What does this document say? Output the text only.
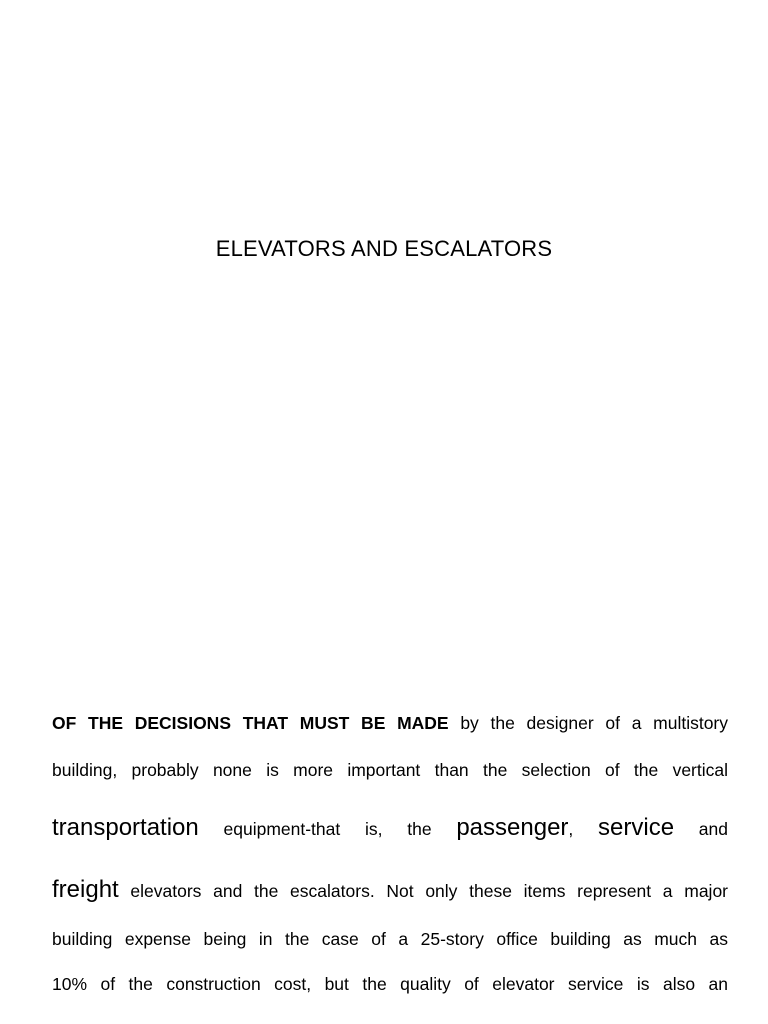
ELEVATORS AND ESCALATORS
OF THE DECISIONS THAT MUST BE MADE by the designer of a multistory
building, probably none is more important than the selection of the vertical
transportation equipment-that is, the passenger, service and
freight elevators and the escalators. Not only these items represent a major
building expense being in the case of a 25-story office building as much as
10% of the construction cost, but the quality of elevator service is also an
